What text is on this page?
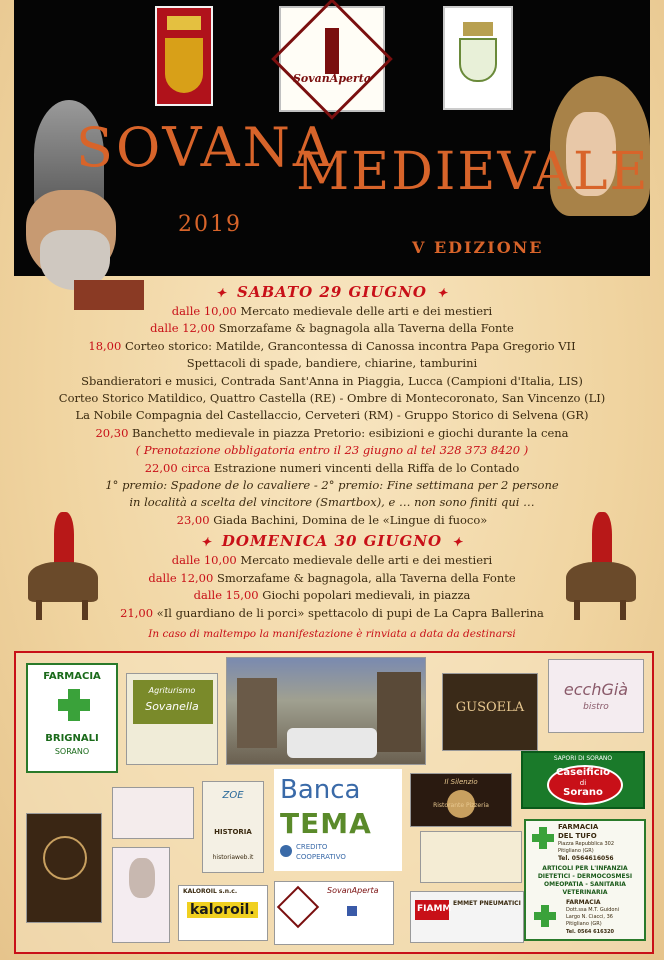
SovanAperta
SOVANA
MEDIEVALE
2019
V EDIZIONE
✦ SABATO 29 GIUGNO ✦
dalle 10,00 Mercato medievale delle arti e dei mestieri
dalle 12,00 Smorzafame & bagnagola alla Taverna della Fonte
18,00 Corteo storico: Matilde, Grancontessa di Canossa incontra Papa Gregorio VII
Spettacoli di spade, bandiere, chiarine, tamburini
Sbandieratori e musici, Contrada Sant'Anna in Piaggia, Lucca (Campioni d'Italia, LIS)
Corteo Storico Matildico, Quattro Castella (RE) - Ombre di Montecoronato, San Vincenzo (LI)
La Nobile Compagnia del Castellaccio, Cerveteri (RM) - Gruppo Storico di Selvena (GR)
20,30 Banchetto medievale in piazza Pretorio: esibizioni e giochi durante la cena
( Prenotazione obbligatoria entro il 23 giugno al tel 328 373 8420 )
22,00 circa Estrazione numeri vincenti della Riffa de lo Contado
1° premio: Spadone de lo cavaliere - 2° premio: Fine settimana per 2 persone
in località a scelta del vincitore (Smartbox), e … non sono finiti qui …
23,00 Giada Bachini, Domina de le «Lingue di fuoco»
✦ DOMENICA 30 GIUGNO ✦
dalle 10,00 Mercato medievale delle arti e dei mestieri
dalle 12,00 Smorzafame & bagnagola, alla Taverna della Fonte
dalle 15,00 Giochi popolari medievali, in piazza
21,00 «Il guardiano de li porci» spettacolo di pupi de La Capra Ballerina
In caso di maltempo la manifestazione è rinviata a data da destinarsi
FARMACIA
BRIGNALI
SORANO
Agriturismo
Sovanella	GUSOELA
ecchGià
bistro
SAPORI DI SORANO
Caseificio
di
Sorano
Banca
TEMA
CREDITO
COOPERATIVO
ZOE
HISTORIA
historiaweb.it
Il Silenzio
Ristorante Pizzeria
FARMACIA
DEL TUFO
Piazza Repubblica 302
Pitigliano (GR)
Tel. 0564616056
ARTICOLI PER L'INFANZIA
DIETETICI - DERMOCOSMESI
OMEOPATIA - SANITARIA
VETERINARIA
FARMACIA
Dott.ssa M.T. Guidoni
Largo N. Ciacci, 36
Pitigliano (GR)
Tel. 0564 616320
KALOROIL s.n.c.
kaloroil.
SovanAperta
FIAMM
EMMET PNEUMATICI
